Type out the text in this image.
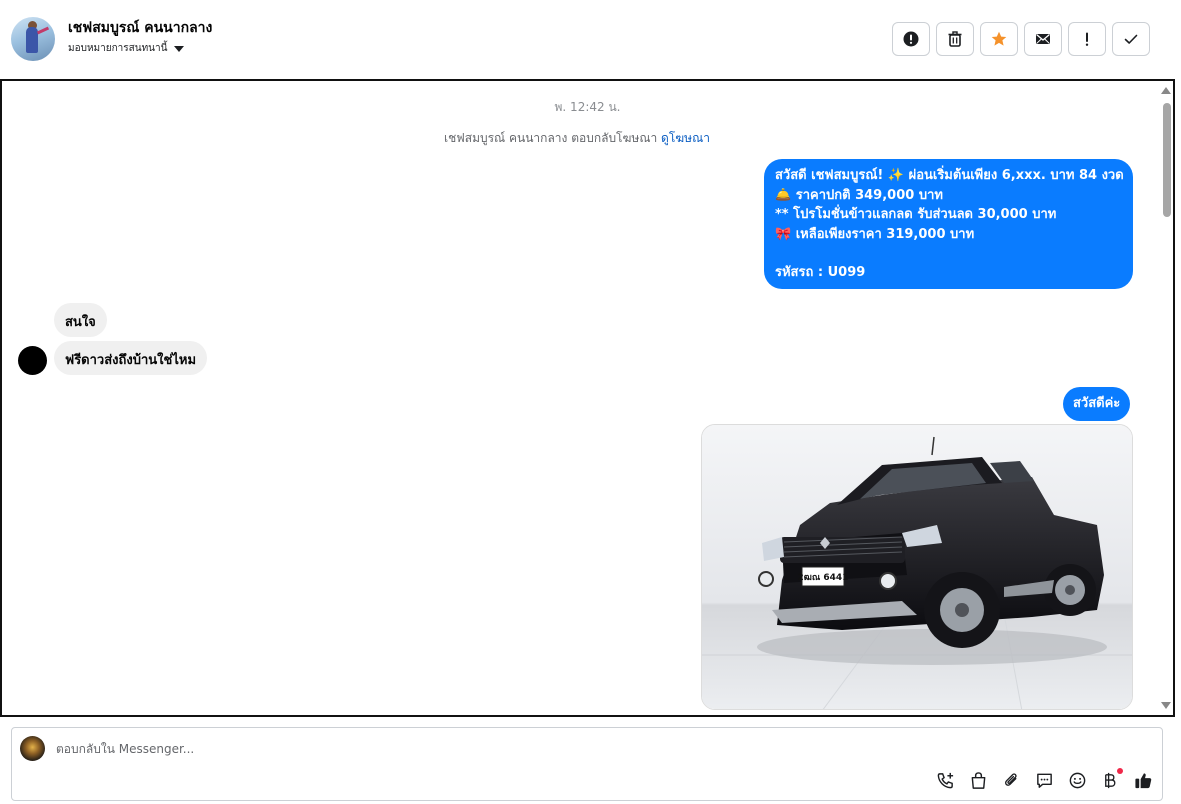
เชฟสมบูรณ์ คนนากลาง
มอบหมายการสนทนานี้
พ. 12:42 น.
เชฟสมบูรณ์ คนนากลาง ตอบกลับโฆษณา ดูโฆษณา
สวัสดี เชฟสมบูรณ์! ✨ ผ่อนเริ่มต้นเพียง 6,xxx. บาท 84 งวด
🛎️ ราคาปกติ 349,000 บาท
** โปรโมชั่นข้าวแลกลด รับส่วนลด 30,000 บาท
🎀 เหลือเพียงราคา 319,000 บาท
รหัสรถ : U099
สนใจ
ฟรีดาวส่งถึงบ้านใช่ไหม
สวัสดีค่ะ
2ฒณ 6441
ตอบกลับใน Messenger...
